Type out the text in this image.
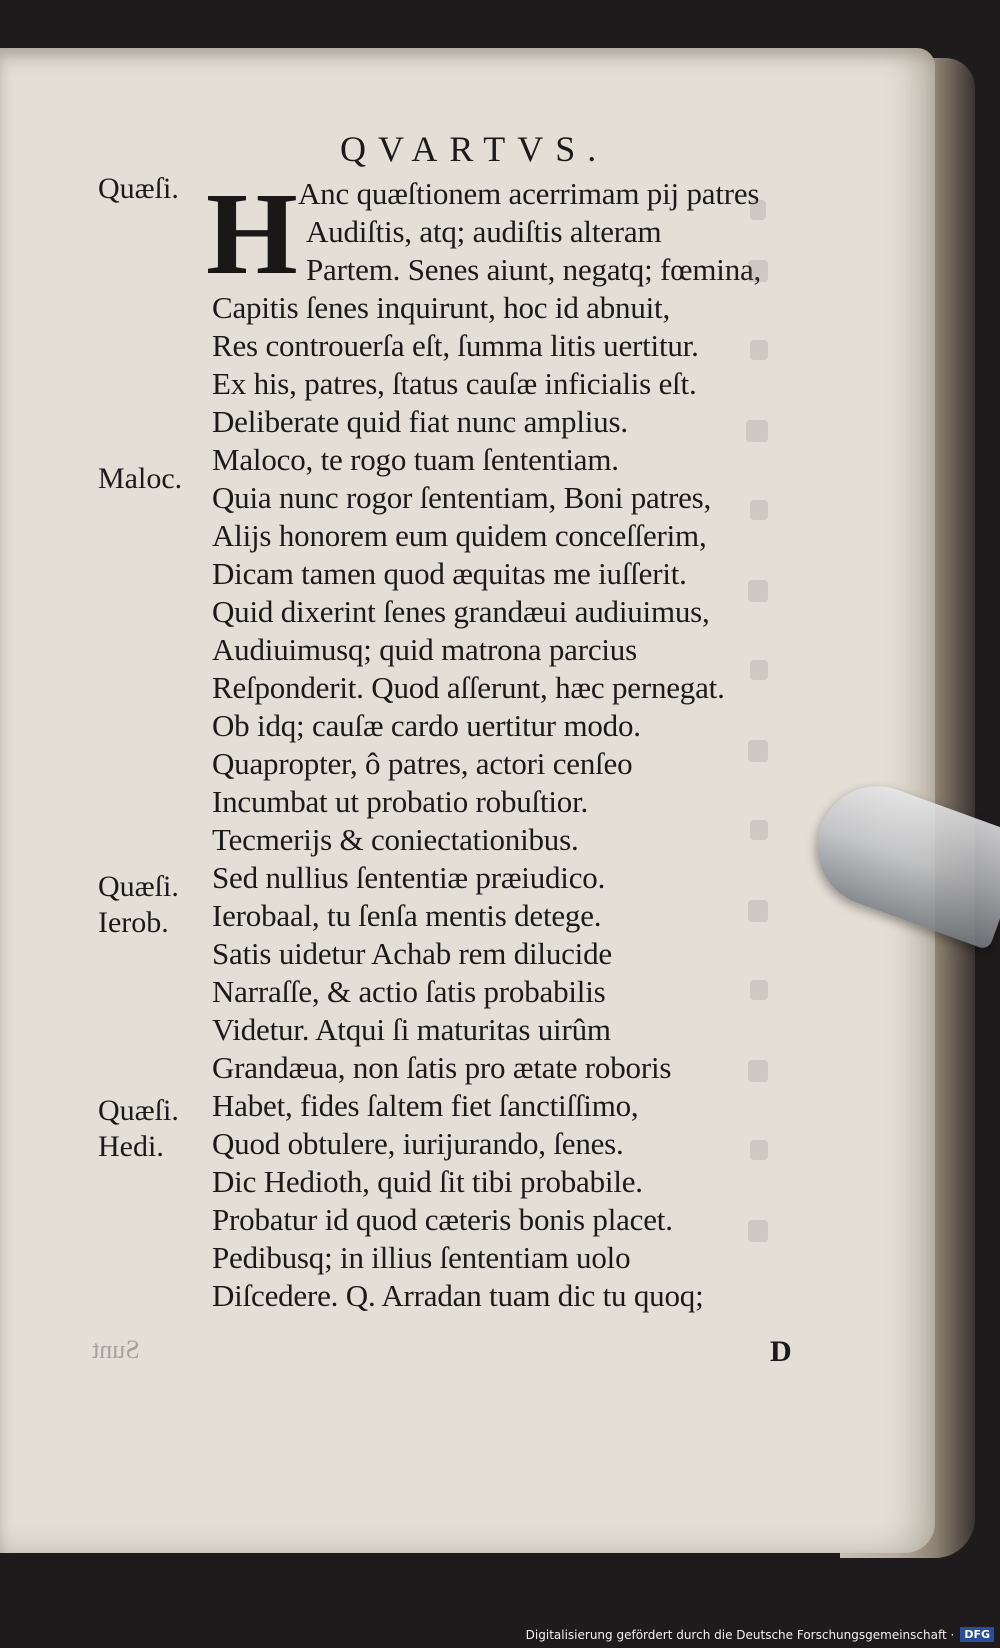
QVARTVS.
H
Quæſi.
Maloc.
Quæſi.
Ierob.
Quæſi.
Hedi.
Anc quæſtionem acerrimam pij patres
Audiſtis, atq; audiſtis alteram
Partem. Senes aiunt, negatq; fœmina,
Capitis ſenes inquirunt, hoc id abnuit,
Res controuerſa eſt, ſumma litis uertitur.
Ex his, patres, ſtatus cauſæ inficialis eſt.
Deliberate quid fiat nunc amplius.
Maloco, te rogo tuam ſententiam.
Quia nunc rogor ſententiam, Boni patres,
Alijs honorem eum quidem conceſſerim,
Dicam tamen quod æquitas me iuſſerit.
Quid dixerint ſenes grandæui audiuimus,
Audiuimusq; quid matrona parcius
Reſponderit. Quod aſſerunt, hæc pernegat.
Ob idq; cauſæ cardo uertitur modo.
Quapropter, ô patres, actori cenſeo
Incumbat ut probatio robuſtior.
Tecmerijs & coniectationibus.
Sed nullius ſententiæ præiudico.
Ierobaal, tu ſenſa mentis detege.
Satis uidetur Achab rem dilucide
Narraſſe, & actio ſatis probabilis
Videtur. Atqui ſi maturitas uirûm
Grandæua, non ſatis pro ætate roboris
Habet, fides ſaltem fiet ſanctiſſimo,
Quod obtulere, iurijurando, ſenes.
Dic Hedioth, quid ſit tibi probabile.
Probatur id quod cæteris bonis placet.
Pedibusq; in illius ſententiam uolo
Diſcedere. Q. Arradan tuam dic tu quoq;
D
Sunt
Digitalisierung gefördert durch die Deutsche Forschungsgemeinschaft · DFG
